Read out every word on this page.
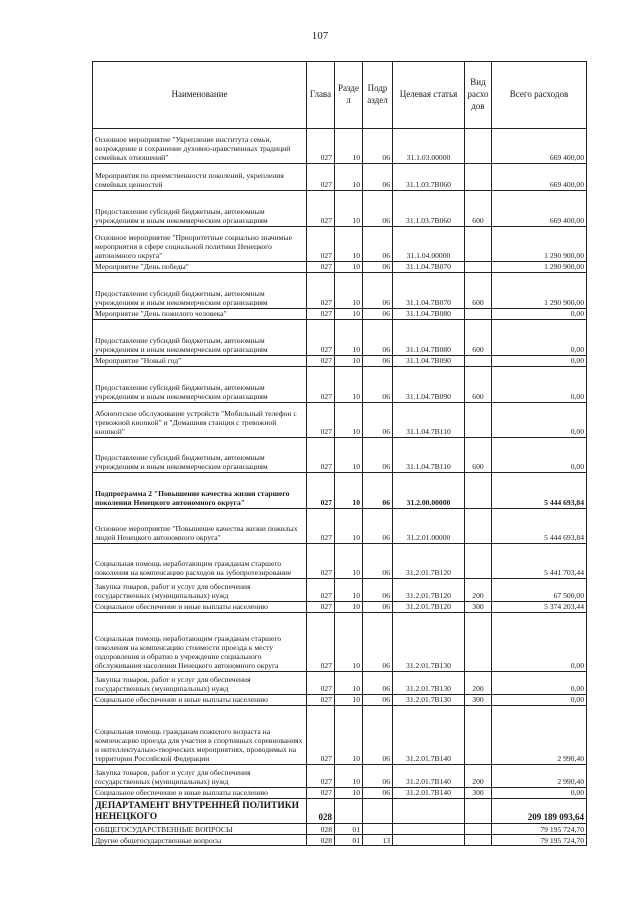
107
Наименование	Глава	Разде л	Подр аздел	Целевая статья	Вид расхо дов	Всего расходов
Основное мероприятие "Укрепление института семьи, возрождение и сохранение духовно-нравственных традиций семейных отношений"	027	10	06	31.1.03.00000		669 400,00
Мероприятия по преемственности поколений, укрепления семейных ценностей	027	10	06	31.1.03.7В060		669 400,00
Предоставление субсидий бюджетным, автономным учреждениям и иным некоммерческим организациям	027	10	06	31.1.03.7В060	600	669 400,00
Основное мероприятие "Приоритетные социально значимые мероприятия в сфере социальной политики Ненецкого автономного округа"	027	10	06	31.1.04.00000		1 290 900,00
Мероприятие "День победы"	027	10	06	31.1.04.7В070		1 290 900,00
Предоставление субсидий бюджетным, автономным учреждениям и иным некоммерческим организациям	027	10	06	31.1.04.7В070	600	1 290 900,00
Мероприятие "День пожилого человека"	027	10	06	31.1.04.7В080		0,00
Предоставление субсидий бюджетным, автономным учреждениям и иным некоммерческим организациям	027	10	06	31.1.04.7В080	600	0,00
Мероприятие "Новый год"	027	10	06	31.1.04.7В090		0,00
Предоставление субсидий бюджетным, автономным учреждениям и иным некоммерческим организациям	027	10	06	31.1.04.7В090	600	0,00
Абонентское обслуживание устройств "Мобильный телефон с тревожной кнопкой" и "Домашняя станция с тревожной кнопкой"	027	10	06	31.1.04.7В110		0,00
Предоставление субсидий бюджетным, автономным учреждениям и иным некоммерческим организациям	027	10	06	31.1.04.7В110	600	0,00
Подпрограмма 2 "Повышение качества жизни старшего поколения Ненецкого автономного округа"	027	10	06	31.2.00.00000		5 444 693,84
Основное мероприятие "Повышение качества жизни пожилых людей Ненецкого автономного округа"	027	10	06	31.2.01.00000		5 444 693,84
Социальная помощь неработающим гражданам старшего поколения на компенсацию расходов на зубопротезирование	027	10	06	31.2.01.7В120		5 441 703,44
Закупка товаров, работ и услуг для обеспечения государственных (муниципальных) нужд	027	10	06	31.2.01.7В120	200	67 500,00
Социальное обеспечение и иные выплаты населению	027	10	06	31.2.01.7В120	300	5 374 203,44
Социальная помощь неработающим гражданам старшего поколения на компенсацию стоимости проезда к месту оздоровления и обратно в учреждение социального обслуживания населения Ненецкого автономного округа	027	10	06	31.2.01.7В130		0,00
Закупка товаров, работ и услуг для обеспечения государственных (муниципальных) нужд	027	10	06	31.2.01.7В130	200	0,00
Социальное обеспечение и иные выплаты населению	027	10	06	31.2.01.7В130	300	0,00
Социальная помощь гражданам пожилого возраста на компенсацию проезда для участия в спортивных соревнованиях и интеллектуально-творческих мероприятиях, проводимых на территории Российской Федерации	027	10	06	31.2.01.7В140		2 990,40
Закупка товаров, работ и услуг для обеспечения государственных (муниципальных) нужд	027	10	06	31.2.01.7В140	200	2 990,40
Социальное обеспечение и иные выплаты населению	027	10	06	31.2.01.7В140	300	0,00
ДЕПАРТАМЕНТ ВНУТРЕННЕЙ ПОЛИТИКИ НЕНЕЦКОГО	028					209 189 093,64
ОБЩЕГОСУДАРСТВЕННЫЕ ВОПРОСЫ	028	01				79 195 724,70
Другие общегосударственные вопросы	028	01	13			79 195 724,70
